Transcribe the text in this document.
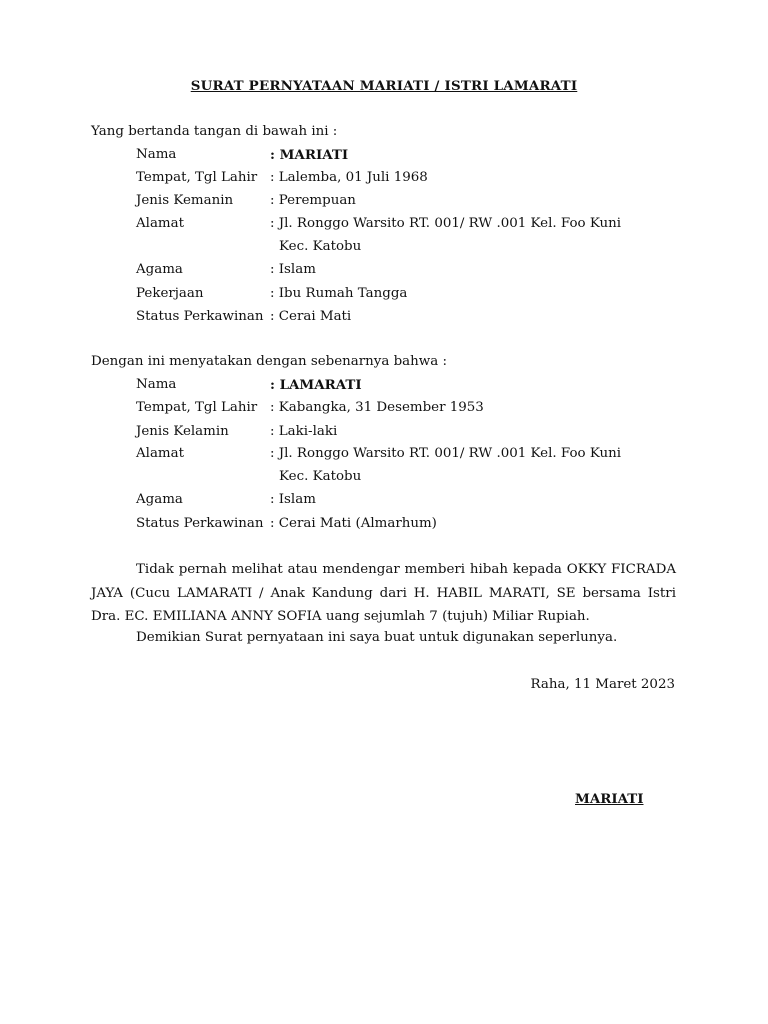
SURAT PERNYATAAN MARIATI / ISTRI LAMARATI
Yang bertanda tangan di bawah ini :
Nama	: MARIATI
Tempat, Tgl Lahir : Lalemba, 01 Juli 1968
Jenis Kemanin	: Perempuan
Alamat	: Jl. Ronggo Warsito RT. 001/ RW .001 Kel. Foo Kuni
Kec. Katobu
Agama	: Islam
Pekerjaan	: Ibu Rumah Tangga
Status Perkawinan : Cerai Mati
Dengan ini menyatakan dengan sebenarnya bahwa :
Nama	: LAMARATI
Tempat, Tgl Lahir : Kabangka, 31 Desember 1953
Jenis Kelamin	: Laki-laki
Alamat	: Jl. Ronggo Warsito RT. 001/ RW .001 Kel. Foo Kuni
Kec. Katobu
Agama	: Islam
Status Perkawinan : Cerai Mati (Almarhum)
Tidak pernah melihat atau mendengar memberi hibah kepada OKKY FICRADA JAYA (Cucu LAMARATI / Anak Kandung dari H. HABIL MARATI, SE bersama Istri Dra. EC. EMILIANA ANNY SOFIA uang sejumlah 7 (tujuh) Miliar Rupiah.
Demikian Surat pernyataan ini saya buat untuk digunakan seperlunya.
Raha, 11 Maret 2023
MARIATI
